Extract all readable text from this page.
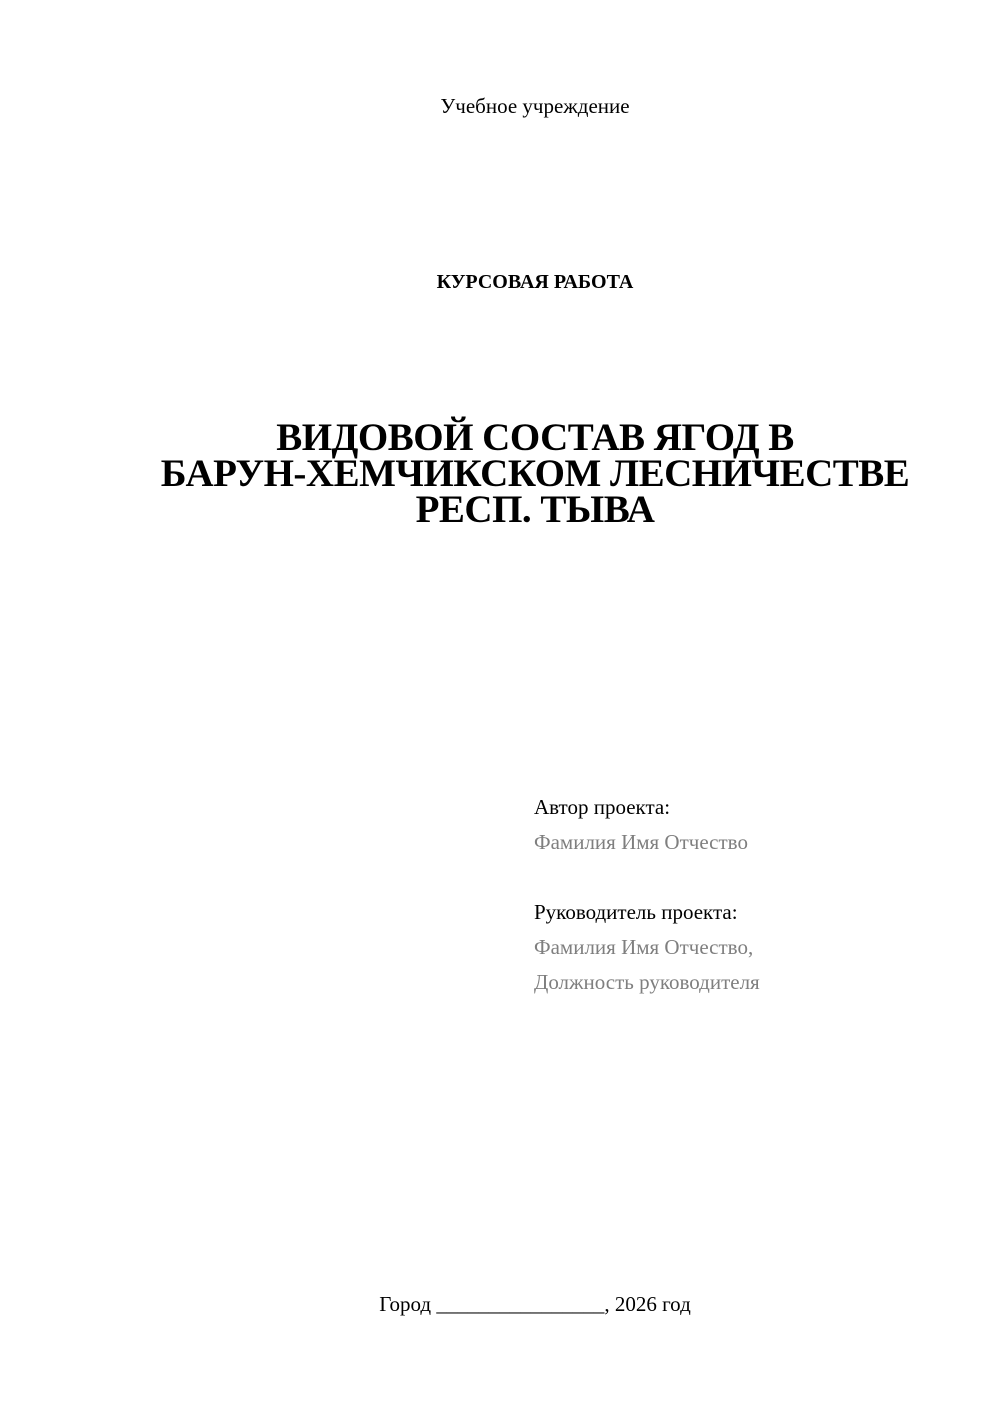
Учебное учреждение
КУРСОВАЯ РАБОТА
ВИДОВОЙ СОСТАВ ЯГОД В
БАРУН-ХЕМЧИКСКОМ ЛЕСНИЧЕСТВЕ
РЕСП. ТЫВА
Автор проекта:
Фамилия Имя Отчество
Руководитель проекта:
Фамилия Имя Отчество,
Должность руководителя
Город ________________, 2026 год
